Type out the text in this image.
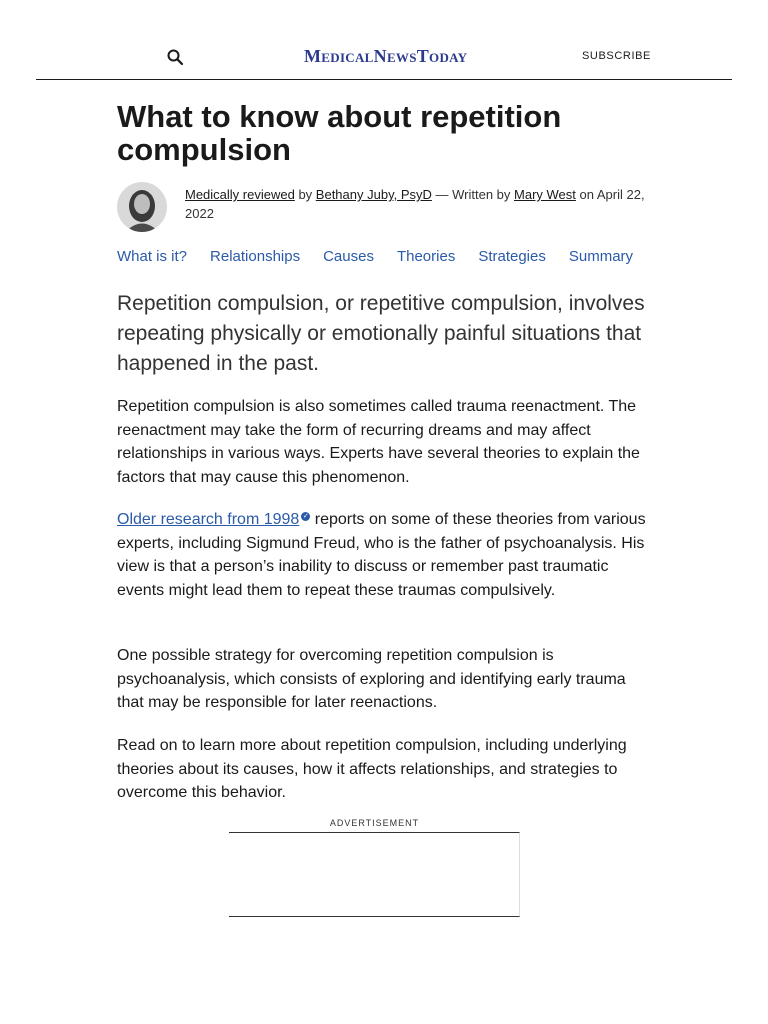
MedicalNewsToday	SUBSCRIBE
What to know about repetition compulsion
Medically reviewed by Bethany Juby, PsyD — Written by Mary West on April 22, 2022
What is it? Relationships Causes Theories Strategies Summary

Repetition compulsion, or repetitive compulsion, involves repeating physically or emotionally painful situations that happened in the past.

Repetition compulsion is also sometimes called trauma reenactment. The reenactment may take the form of recurring dreams and may affect relationships in various ways. Experts have several theories to explain the factors that may cause this phenomenon.

Older research from 1998 ✓ reports on some of these theories from various experts, including Sigmund Freud, who is the father of psychoanalysis. His view is that a person’s inability to discuss or remember past traumatic events might lead them to repeat these traumas compulsively.

One possible strategy for overcoming repetition compulsion is psychoanalysis, which consists of exploring and identifying early trauma that may be responsible for later reenactions.

Read on to learn more about repetition compulsion, including underlying theories about its causes, how it affects relationships, and strategies to overcome this behavior.

ADVERTISEMENT
